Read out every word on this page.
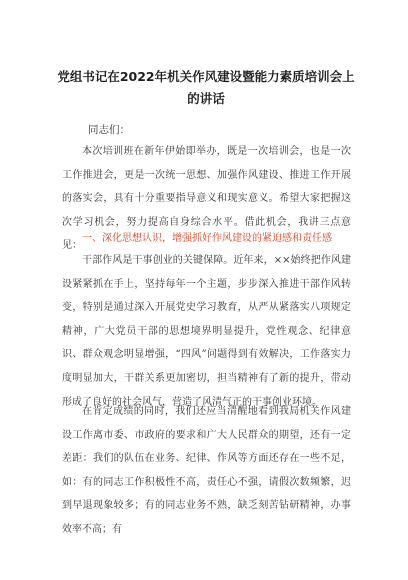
党组书记在2022年机关作风建设暨能力素质培训会上的讲话
同志们：

本次培训班在新年伊始即举办，既是一次培训会，也是一次工作推进会，更是一次统一思想、加强作风建设、推进工作开展的落实会，具有十分重要指导意义和现实意义。希望大家把握这次学习机会，努力提高自身综合水平。借此机会，我讲三点意见：

一、深化思想认识，增强抓好作风建设的紧迫感和责任感

干部作风是干事创业的关键保障。近年来，××始终把作风建设紧紧抓在手上，坚持每年一个主题，步步深入推进干部作风转变，特别是通过深入开展党史学习教育，从严从紧落实八项规定精神，广大党员干部的思想境界明显提升，党性观念、纪律意识、群众观念明显增强，“四风”问题得到有效解决，工作落实力度明显加大，干群关系更加密切，担当精神有了新的提升，带动形成了良好的社会风气，营造了风清气正的干事创业环境。

在肯定成绩的同时，我们还应当清醒地看到我局机关作风建设工作离市委、市政府的要求和广大人民群众的期望，还有一定差距：我们的队伍在业务、纪律、作风等方面还存在一些不足，如：有的同志工作积极性不高，责任心不强，请假次数频繁，迟到早退现象较多；有的同志业务不熟，缺乏刻苦钻研精神，办事效率不高；有
